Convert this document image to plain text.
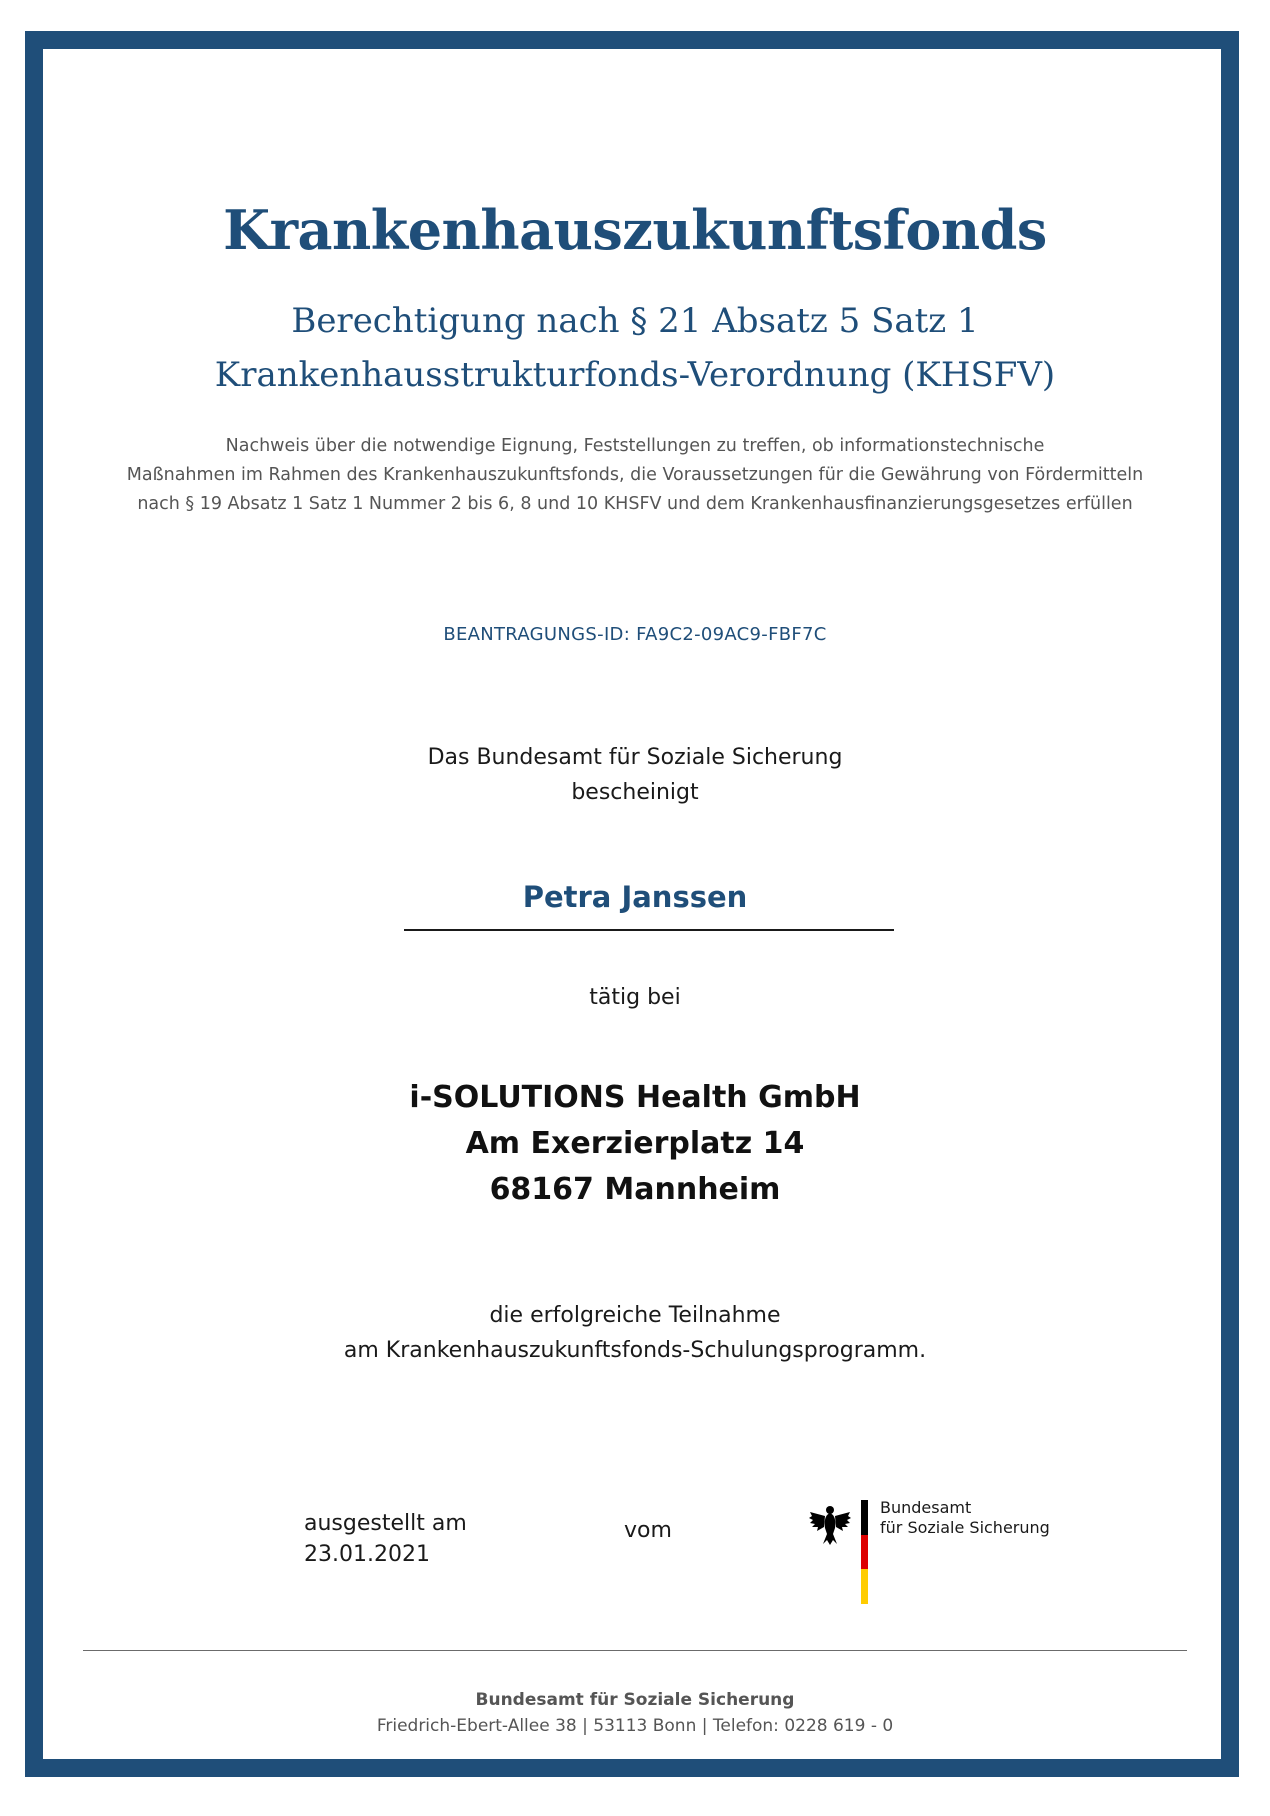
Krankenhauszukunftsfonds
Berechtigung nach § 21 Absatz 5 Satz 1
Krankenhausstrukturfonds-Verordnung (KHSFV)
Nachweis über die notwendige Eignung, Feststellungen zu treffen, ob informationstechnische
Maßnahmen im Rahmen des Krankenhauszukunftsfonds, die Voraussetzungen für die Gewährung von Fördermitteln
nach § 19 Absatz 1 Satz 1 Nummer 2 bis 6, 8 und 10 KHSFV und dem Krankenhausfinanzierungsgesetzes erfüllen
BEANTRAGUNGS-ID: FA9C2-09AC9-FBF7C
Das Bundesamt für Soziale Sicherung
bescheinigt
Petra Janssen
tätig bei
i-SOLUTIONS Health GmbH
Am Exerzierplatz 14
68167 Mannheim
die erfolgreiche Teilnahme
am Krankenhauszukunftsfonds-Schulungsprogramm.
ausgestellt am
23.01.2021
vom
Bundesamt
für Soziale Sicherung
Bundesamt für Soziale Sicherung
Friedrich-Ebert-Allee 38 | 53113 Bonn | Telefon: 0228 619 - 0
